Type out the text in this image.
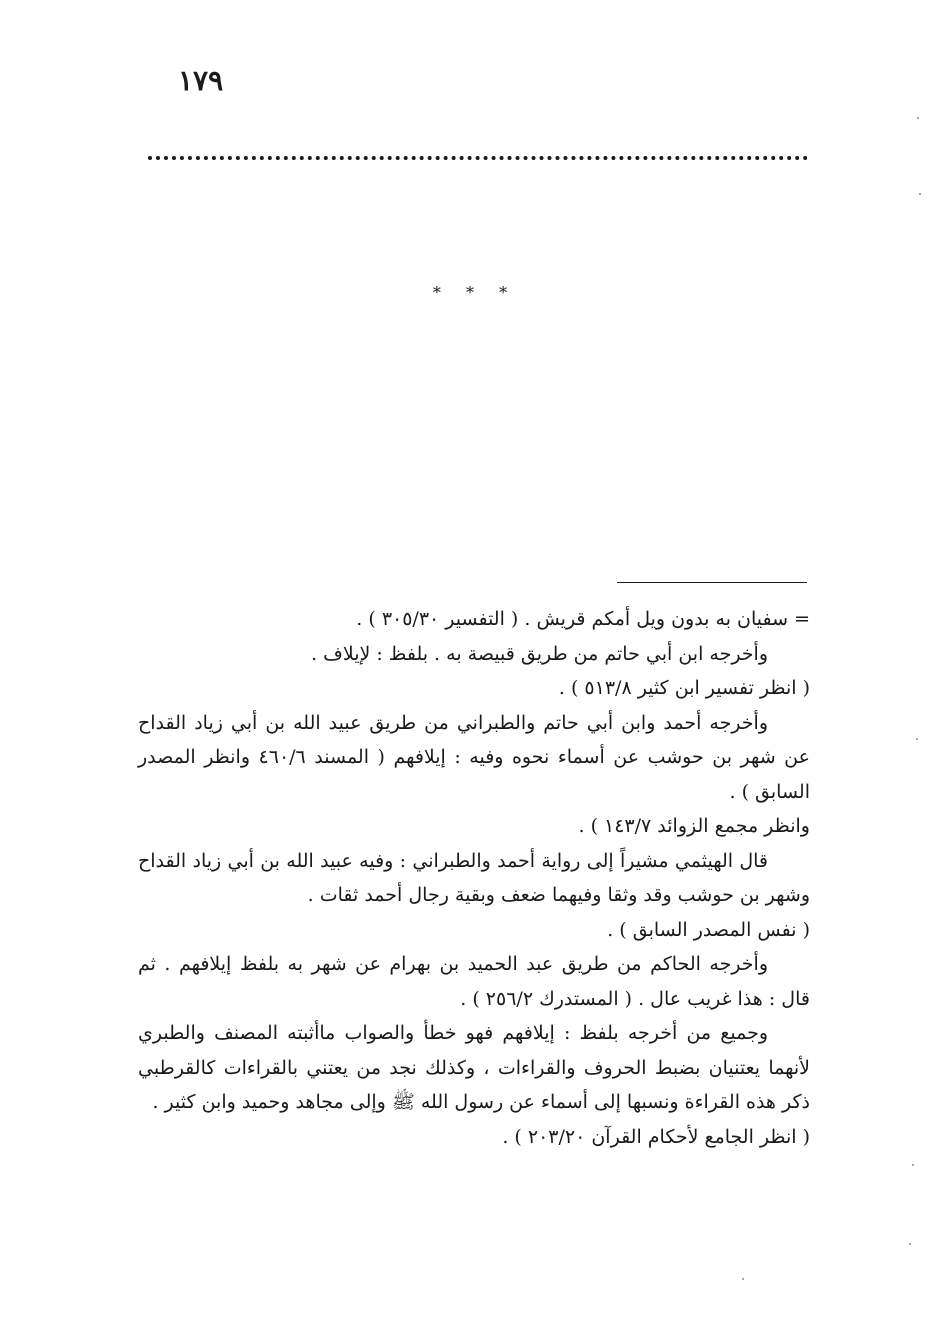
١٧٩
* * *

= سفيان به بدون ويل أمكم قريش . ( التفسير ٣٠٥/٣٠ ) .

وأخرجه ابن أبي حاتم من طريق قبيصة به . بلفظ : لإيلاف .

( انظر تفسير ابن كثير ٥١٣/٨ ) .

وأخرجه أحمد وابن أبي حاتم والطبراني من طريق عبيد الله بن أبي زياد القداح عن شهر بن حوشب عن أسماء نحوه وفيه : إيلافهم ( المسند ٤٦٠/٦ وانظر المصدر السابق ) .

وانظر مجمع الزوائد ١٤٣/٧ ) .

قال الهيثمي مشيراً إلى رواية أحمد والطبراني : وفيه عبيد الله بن أبي زياد القداح وشهر بن حوشب وقد وثقا وفيهما ضعف وبقية رجال أحمد ثقات .

( نفس المصدر السابق ) .

وأخرجه الحاكم من طريق عبد الحميد بن بهرام عن شهر به بلفظ إيلافهم . ثم قال : هذا غريب عال . ( المستدرك ٢٥٦/٢ ) .

وجميع من أخرجه بلفظ : إيلافهم فهو خطأ والصواب ماأثبته المصنف والطبري لأنهما يعتنيان بضبط الحروف والقراءات ، وكذلك نجد من يعتني بالقراءات كالقرطبي ذكر هذه القراءة ونسبها إلى أسماء عن رسول الله ﷺ وإلى مجاهد وحميد وابن كثير .

( انظر الجامع لأحكام القرآن ٢٠٣/٢٠ ) .
